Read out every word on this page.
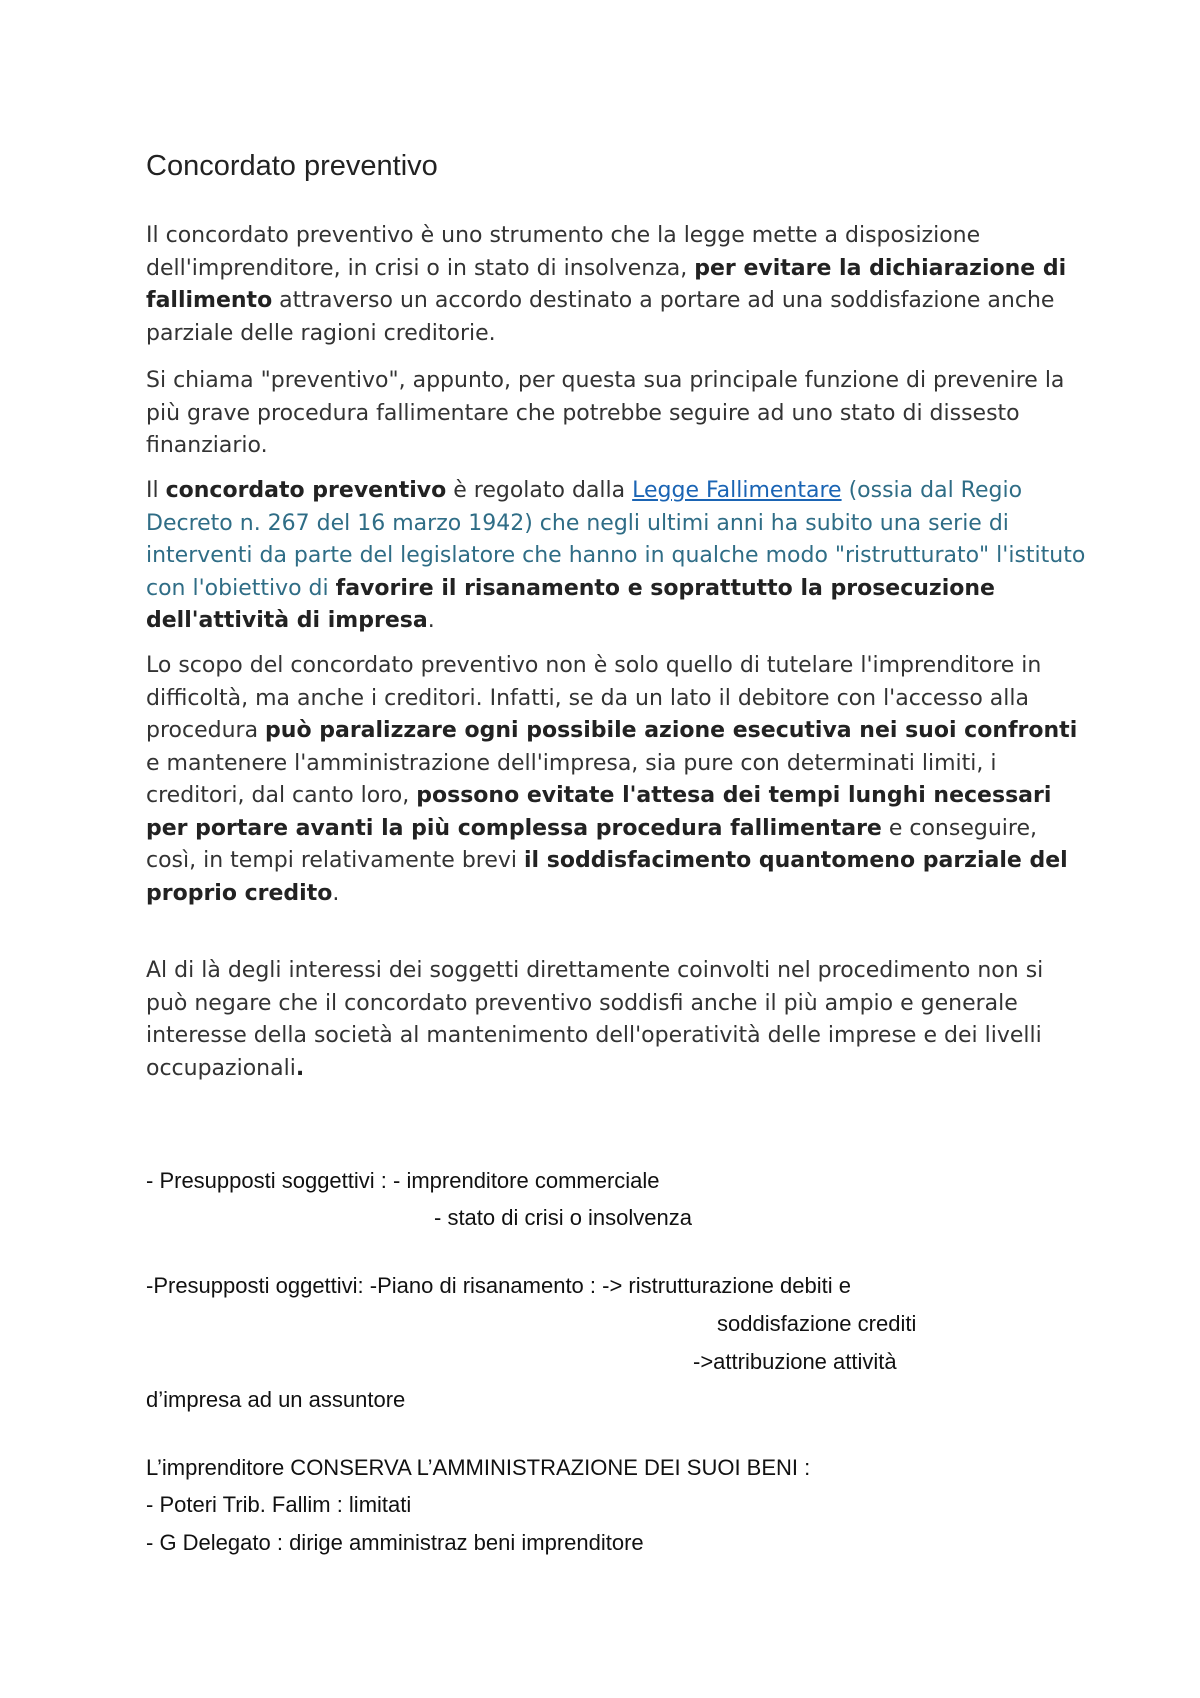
Concordato preventivo

Il concordato preventivo è uno strumento che la legge mette a disposizione dell'imprenditore, in crisi o in stato di insolvenza, per evitare la dichiarazione di fallimento attraverso un accordo destinato a portare ad una soddisfazione anche parziale delle ragioni creditorie.

Si chiama "preventivo", appunto, per questa sua principale funzione di prevenire la più grave procedura fallimentare che potrebbe seguire ad uno stato di dissesto finanziario.

Il concordato preventivo è regolato dalla Legge Fallimentare (ossia dal Regio Decreto n. 267 del 16 marzo 1942) che negli ultimi anni ha subito una serie di interventi da parte del legislatore che hanno in qualche modo "ristrutturato" l'istituto con l'obiettivo di favorire il risanamento e soprattutto la prosecuzione dell'attività di impresa.

Lo scopo del concordato preventivo non è solo quello di tutelare l'imprenditore in difficoltà, ma anche i creditori. Infatti, se da un lato il debitore con l'accesso alla procedura può paralizzare ogni possibile azione esecutiva nei suoi confronti e mantenere l'amministrazione dell'impresa, sia pure con determinati limiti, i creditori, dal canto loro, possono evitate l'attesa dei tempi lunghi necessari per portare avanti la più complessa procedura fallimentare e conseguire, così, in tempi relativamente brevi il soddisfacimento quantomeno parziale del proprio credito.

Al di là degli interessi dei soggetti direttamente coinvolti nel procedimento non si può negare che il concordato preventivo soddisfi anche il più ampio e generale interesse della società al mantenimento dell'operatività delle imprese e dei livelli occupazionali.

- Presupposti soggettivi : - imprenditore commerciale
- stato di crisi o insolvenza
-Presupposti oggettivi: -Piano di risanamento : -> ristrutturazione debiti e
soddisfazione crediti
->attribuzione attività
d’impresa ad un assuntore
L’imprenditore CONSERVA L’AMMINISTRAZIONE DEI SUOI BENI :
- Poteri Trib. Fallim : limitati
- G Delegato : dirige amministraz beni imprenditore
